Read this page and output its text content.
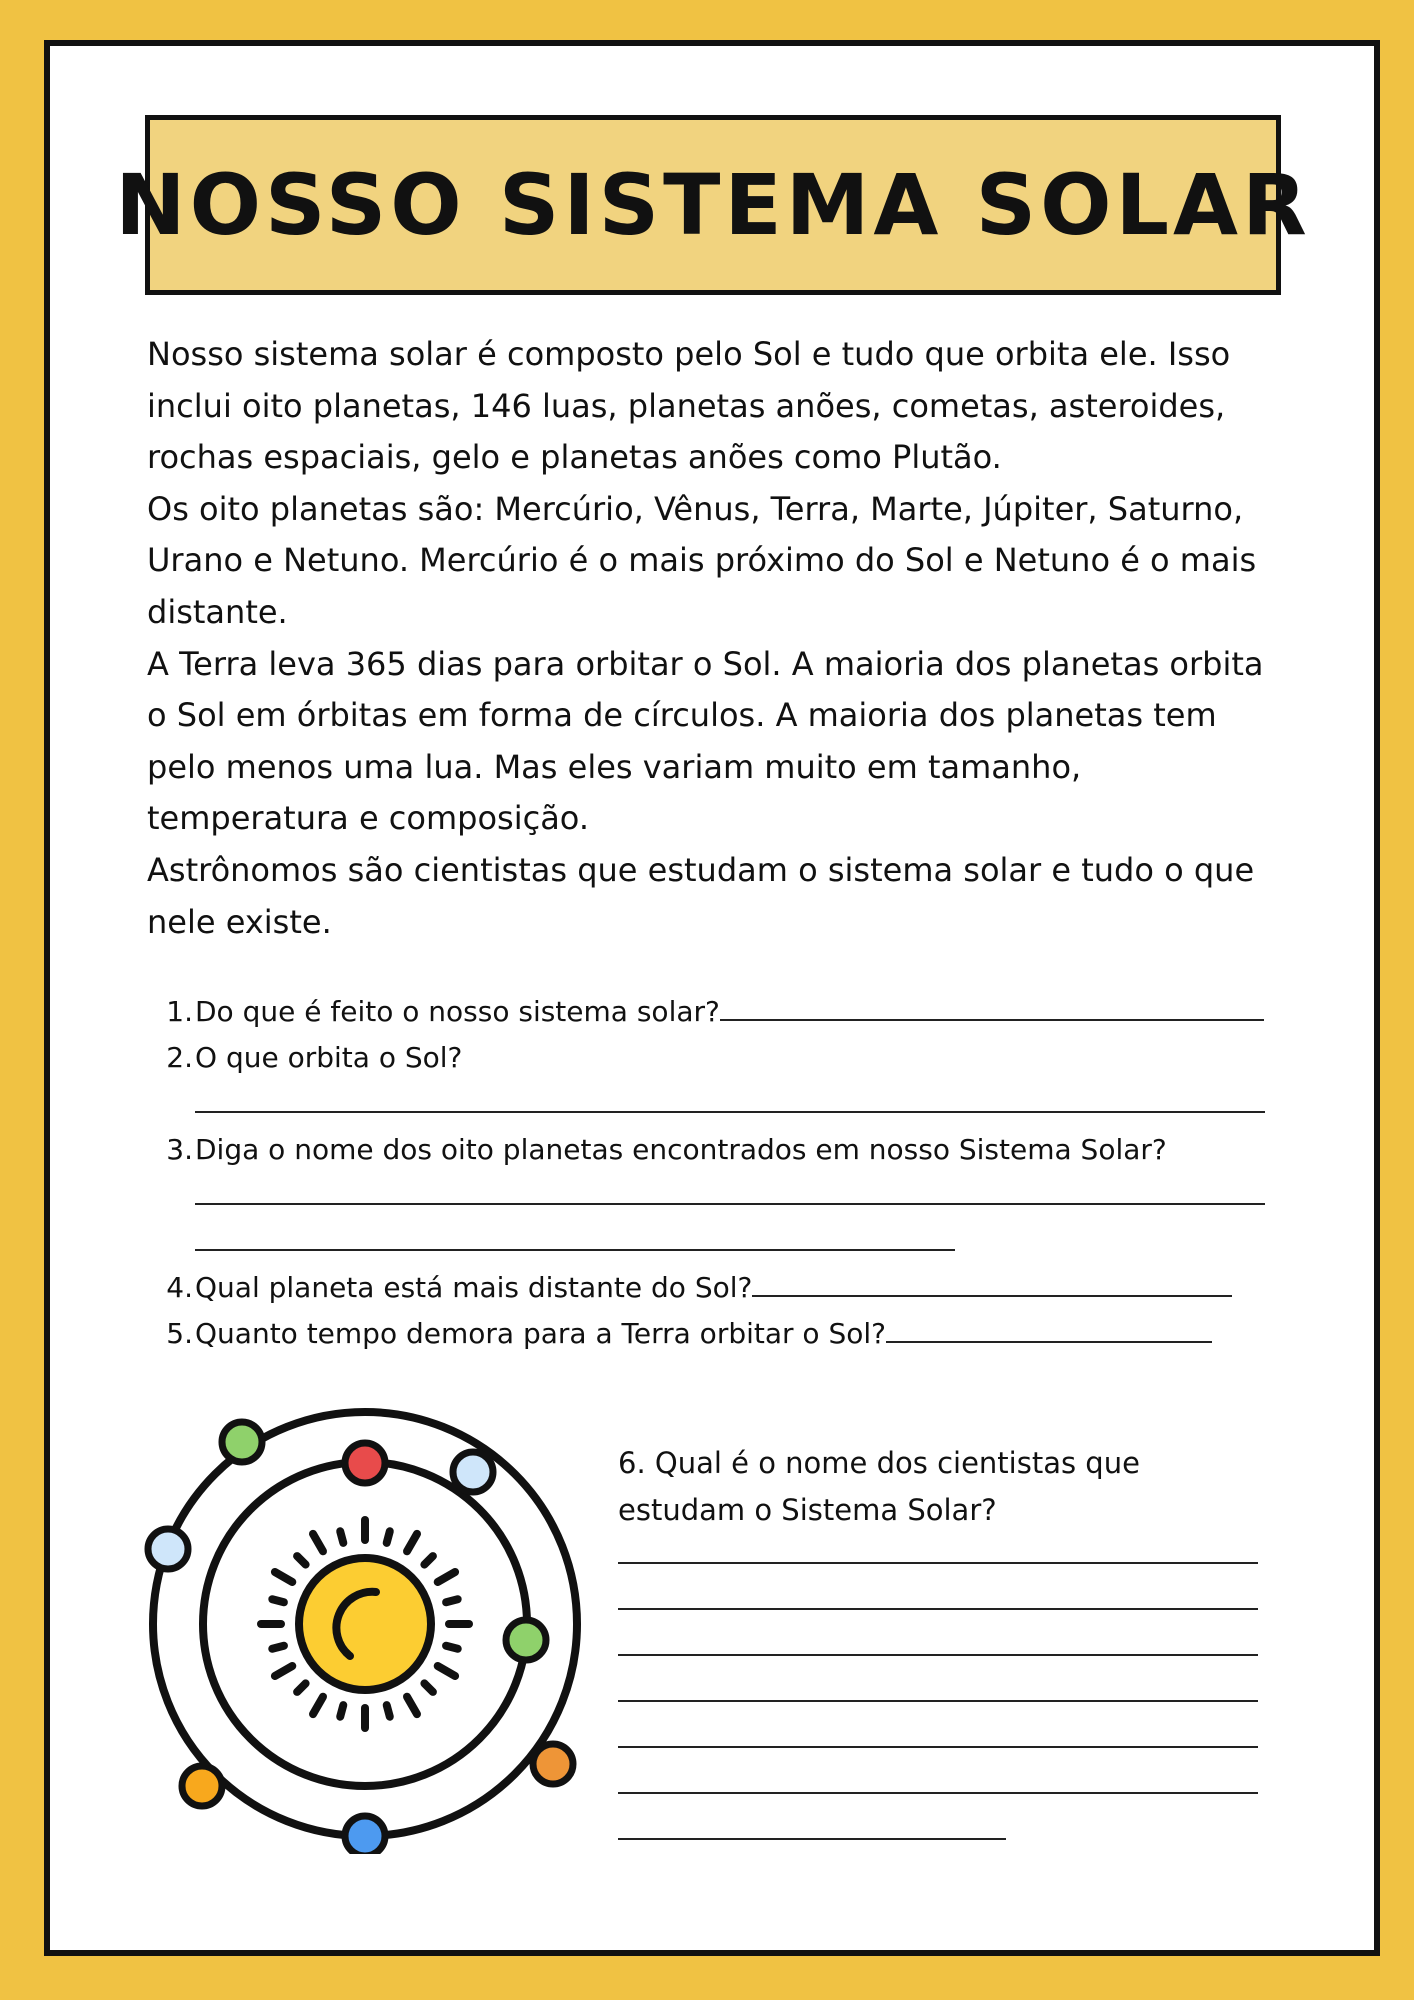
NOSSO SISTEMA SOLAR

Nosso sistema solar é composto pelo Sol e tudo que orbita ele. Isso inclui oito planetas, 146 luas, planetas anões, cometas, asteroides, rochas espaciais, gelo e planetas anões como Plutão.

Os oito planetas são: Mercúrio, Vênus, Terra, Marte, Júpiter, Saturno, Urano e Netuno. Mercúrio é o mais próximo do Sol e Netuno é o mais distante.

A Terra leva 365 dias para orbitar o Sol. A maioria dos planetas orbita o Sol em órbitas em forma de círculos. A maioria dos planetas tem pelo menos uma lua. Mas eles variam muito em tamanho, temperatura e composição.

Astrônomos são cientistas que estudam o sistema solar e tudo o que nele existe.

1. Do que é feito o nosso sistema solar?
2. O que orbita o Sol?
3. Diga o nome dos oito planetas encontrados em nosso Sistema Solar?
4. Qual planeta está mais distante do Sol?
5. Quanto tempo demora para a Terra orbitar o Sol?
6. Qual é o nome dos cientistas que estudam o Sistema Solar?
